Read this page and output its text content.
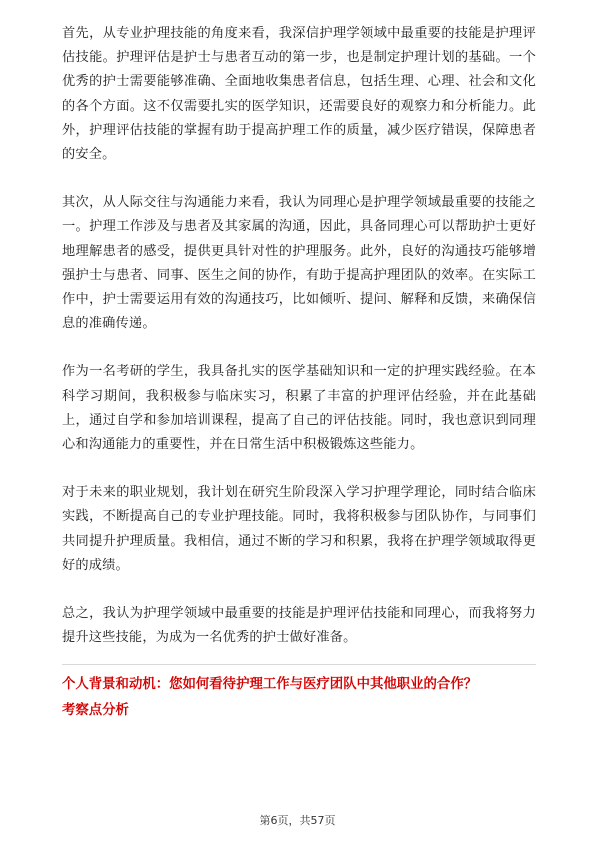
首先，从专业护理技能的角度来看，我深信护理学领域中最重要的技能是护理评估技能。护理评估是护士与患者互动的第一步，也是制定护理计划的基础。一个优秀的护士需要能够准确、全面地收集患者信息，包括生理、心理、社会和文化的各个方面。这不仅需要扎实的医学知识，还需要良好的观察力和分析能力。此外，护理评估技能的掌握有助于提高护理工作的质量，减少医疗错误，保障患者的安全。

其次，从人际交往与沟通能力来看，我认为同理心是护理学领域最重要的技能之一。护理工作涉及与患者及其家属的沟通，因此，具备同理心可以帮助护士更好地理解患者的感受，提供更具针对性的护理服务。此外，良好的沟通技巧能够增强护士与患者、同事、医生之间的协作，有助于提高护理团队的效率。在实际工作中，护士需要运用有效的沟通技巧，比如倾听、提问、解释和反馈，来确保信息的准确传递。

作为一名考研的学生，我具备扎实的医学基础知识和一定的护理实践经验。在本科学习期间，我积极参与临床实习，积累了丰富的护理评估经验，并在此基础上，通过自学和参加培训课程，提高了自己的评估技能。同时，我也意识到同理心和沟通能力的重要性，并在日常生活中积极锻炼这些能力。

对于未来的职业规划，我计划在研究生阶段深入学习护理学理论，同时结合临床实践，不断提高自己的专业护理技能。同时，我将积极参与团队协作，与同事们共同提升护理质量。我相信，通过不断的学习和积累，我将在护理学领域取得更好的成绩。

总之，我认为护理学领域中最重要的技能是护理评估技能和同理心，而我将努力提升这些技能，为成为一名优秀的护士做好准备。

个人背景和动机：您如何看待护理工作与医疗团队中其他职业的合作？

考察点分析

第6页，共57页
